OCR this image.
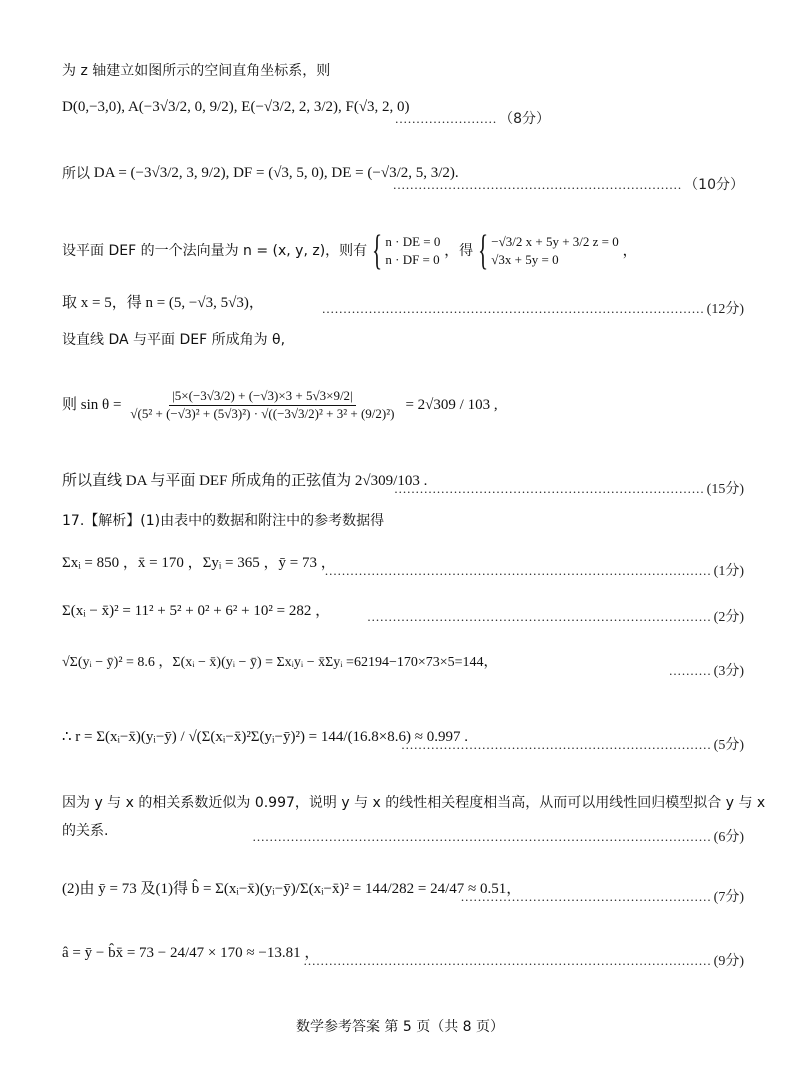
为 z 轴建立如图所示的空间直角坐标系，则
D(0,−3,0), A(−3√3/2, 0, 9/2), E(−√3/2, 2, 3/2), F(√3, 2, 0)
........................ （8分）
所以
DA = (−3√3/2, 3, 9/2), DF = (√3, 5, 0), DE = (−√3/2, 5, 3/2).
.................................................................... （10分）
设平面 DEF 的一个法向量为 n = (x, y, z)，则有 { n · DE = 0
n · DF = 0
， 得 { −√3/2 x + 5y + 3/2 z = 0
√3x + 5y = 0
，
取 x = 5，得 n = (5, −√3, 5√3)，	.......................................................................................... (12分)
设直线 DA 与平面 DEF 所成角为 θ,
则 $\sin \theta = \frac{|5\times(-3√3/2) + (-√3)\times 3 + 5√3\times 9/2|}{\text{√(5² + (−√3)² + (5√3)²) · √((−3√3/2)² + 3² + (9/2)²)}} = 2√309 / 103$ ,
所以直线 DA 与平面 DEF 所成角的正弦值为 2√309/103 .
......................................................................... (15分)
17.【解析】(1)由表中的数据和附注中的参考数据得
Σxᵢ = 850 ，x̄ = 170 ，Σyᵢ = 365 ，ȳ = 73 ，
........................................................................................... (1分)
Σ(xᵢ − x̄)² = 11² + 5² + 0² + 6² + 10² = 282 ，	................................................................................. (2分)
√Σ(yᵢ − ȳ)² = 8.6 ，Σ(xᵢ − x̄)(yᵢ − ȳ) = Σxᵢyᵢ − x̄Σyᵢ =62194−170×73×5=144，
.......... (3分)
∴ r = Σ(xᵢ−x̄)(yᵢ−ȳ) / √(Σ(xᵢ−x̄)²Σ(yᵢ−ȳ)²) = 144/(16.8×8.6) ≈ 0.997 .
......................................................................... (5分)
因为 y 与 x 的相关系数近似为 0.997，说明 y 与 x 的线性相关程度相当高，从而可以用线性回归模型拟合 y 与 x
的关系.	............................................................................................................ (6分)
(2)由 ȳ = 73 及(1)得 b̂ = Σ(xᵢ−x̄)(yᵢ−ȳ)/Σ(xᵢ−x̄)² = 144/282 = 24/47 ≈ 0.51，
........................................................... (7分)
â = ȳ − b̂x̄ = 73 − 24/47 × 170 ≈ −13.81 ，
................................................................................................ (9分)
数学参考答案 第 5 页（共 8 页）
